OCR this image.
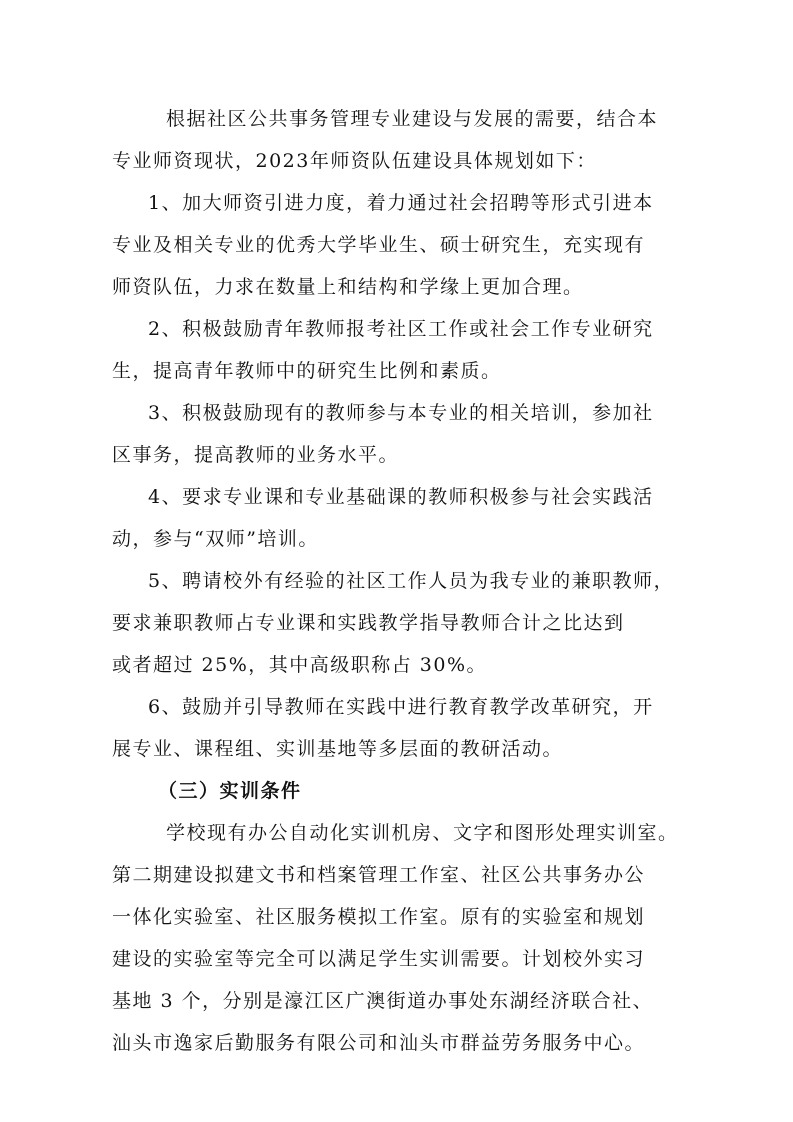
根据社区公共事务管理专业建设与发展的需要，结合本
专业师资现状，2023年师资队伍建设具体规划如下：
1、加大师资引进力度，着力通过社会招聘等形式引进本
专业及相关专业的优秀大学毕业生、硕士研究生，充实现有
师资队伍，力求在数量上和结构和学缘上更加合理。
2、积极鼓励青年教师报考社区工作或社会工作专业研究
生，提高青年教师中的研究生比例和素质。
3、积极鼓励现有的教师参与本专业的相关培训，参加社
区事务，提高教师的业务水平。
4、要求专业课和专业基础课的教师积极参与社会实践活
动，参与“双师”培训。
5、聘请校外有经验的社区工作人员为我专业的兼职教师，
要求兼职教师占专业课和实践教学指导教师合计之比达到
或者超过 25%，其中高级职称占 30%。
6、鼓励并引导教师在实践中进行教育教学改革研究，开
展专业、课程组、实训基地等多层面的教研活动。
（三）实训条件
学校现有办公自动化实训机房、文字和图形处理实训室。
第二期建设拟建文书和档案管理工作室、社区公共事务办公
一体化实验室、社区服务模拟工作室。原有的实验室和规划
建设的实验室等完全可以满足学生实训需要。计划校外实习
基地 3 个，分别是濠江区广澳街道办事处东湖经济联合社、
汕头市逸家后勤服务有限公司和汕头市群益劳务服务中心。
